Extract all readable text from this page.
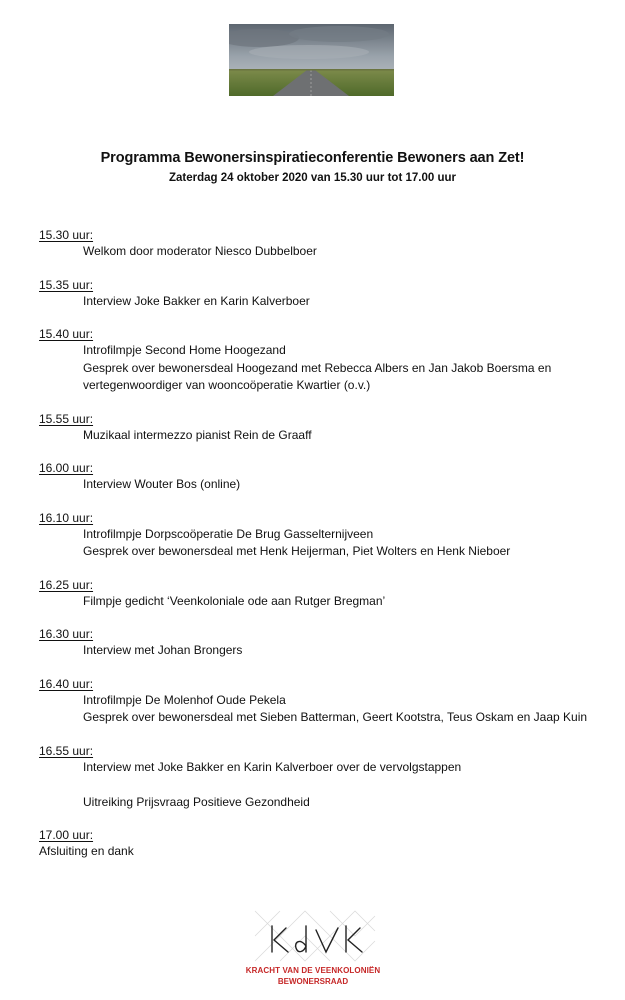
Programma Bewonersinspiratieconferentie Bewoners aan Zet!
Zaterdag 24 oktober 2020 van 15.30 uur tot 17.00 uur
15.30 uur:
Welkom door moderator Niesco Dubbelboer
15.35 uur:
Interview Joke Bakker en Karin Kalverboer
15.40 uur:
Introfilmpje Second Home Hoogezand
Gesprek over bewonersdeal Hoogezand met Rebecca Albers en Jan Jakob Boersma en
vertegenwoordiger van wooncoöperatie Kwartier (o.v.)
15.55 uur:
Muzikaal intermezzo pianist Rein de Graaff
16.00 uur:
Interview Wouter Bos (online)
16.10 uur:
Introfilmpje Dorpscoöperatie De Brug Gasselternijveen
Gesprek over bewonersdeal met Henk Heijerman, Piet Wolters en Henk Nieboer
16.25 uur:
Filmpje gedicht ‘Veenkoloniale ode aan Rutger Bregman’
16.30 uur:
Interview met Johan Brongers
16.40 uur:
Introfilmpje De Molenhof Oude Pekela
Gesprek over bewonersdeal met Sieben Batterman, Geert Kootstra, Teus Oskam en Jaap Kuin
16.55 uur:
Interview met Joke Bakker en Karin Kalverboer over de vervolgstappen
Uitreiking Prijsvraag Positieve Gezondheid
17.00 uur:
Afsluiting en dank
KRACHT VAN DE VEENKOLONIËN
BEWONERSRAAD
